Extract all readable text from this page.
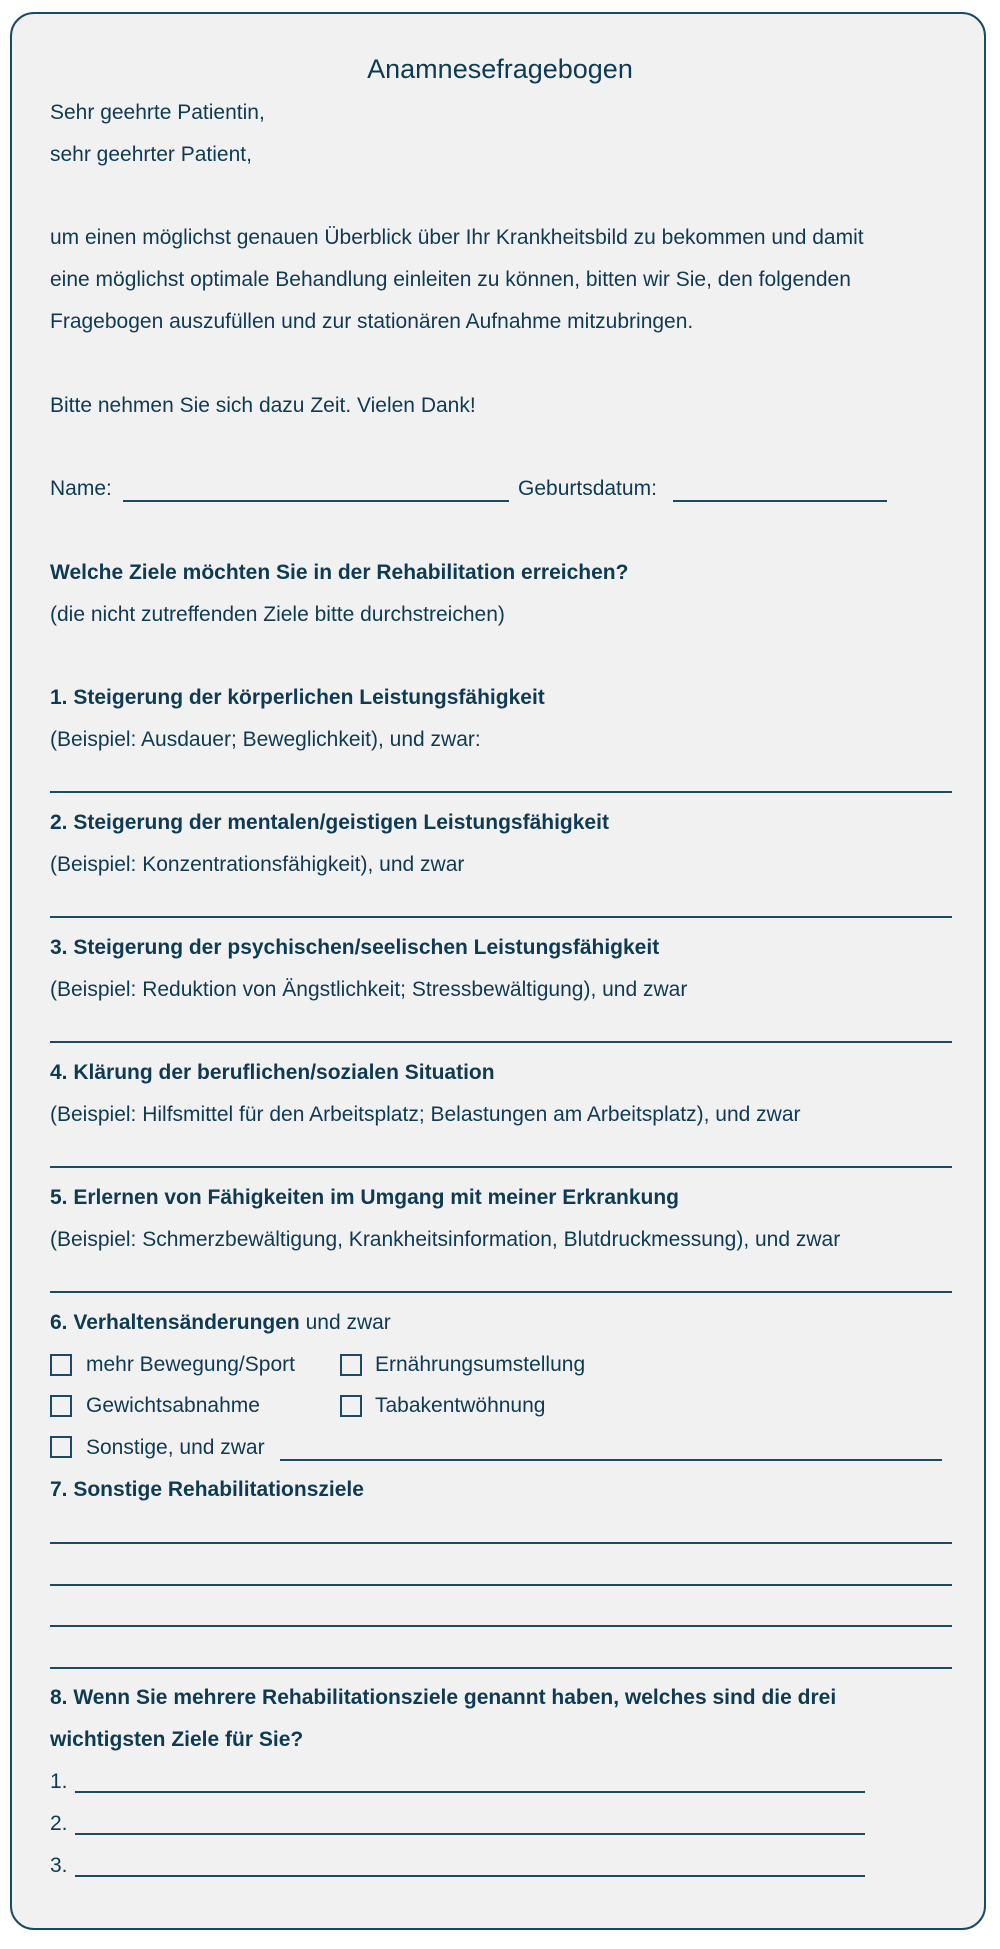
Anamnesefragebogen
Sehr geehrte Patientin,
sehr geehrter Patient,
um einen möglichst genauen Überblick über Ihr Krankheitsbild zu bekommen und damit
eine möglichst optimale Behandlung einleiten zu können, bitten wir Sie, den folgenden
Fragebogen auszufüllen und zur stationären Aufnahme mitzubringen.
Bitte nehmen Sie sich dazu Zeit. Vielen Dank!
Name:	Geburtsdatum:
Welche Ziele möchten Sie in der Rehabilitation erreichen?
(die nicht zutreffenden Ziele bitte durchstreichen)
1. Steigerung der körperlichen Leistungsfähigkeit
(Beispiel: Ausdauer; Beweglichkeit), und zwar:
2. Steigerung der mentalen/geistigen Leistungsfähigkeit
(Beispiel: Konzentrationsfähigkeit), und zwar
3. Steigerung der psychischen/seelischen Leistungsfähigkeit
(Beispiel: Reduktion von Ängstlichkeit; Stressbewältigung), und zwar
4. Klärung der beruflichen/sozialen Situation
(Beispiel: Hilfsmittel für den Arbeitsplatz; Belastungen am Arbeitsplatz), und zwar
5. Erlernen von Fähigkeiten im Umgang mit meiner Erkrankung
(Beispiel: Schmerzbewältigung, Krankheitsinformation, Blutdruckmessung), und zwar
6. Verhaltensänderungen und zwar
mehr Bewegung/Sport	Ernährungsumstellung
Gewichtsabnahme	Tabakentwöhnung
Sonstige, und zwar
7. Sonstige Rehabilitationsziele
8. Wenn Sie mehrere Rehabilitationsziele genannt haben, welches sind die drei
wichtigsten Ziele für Sie?
1.
2.
3.
